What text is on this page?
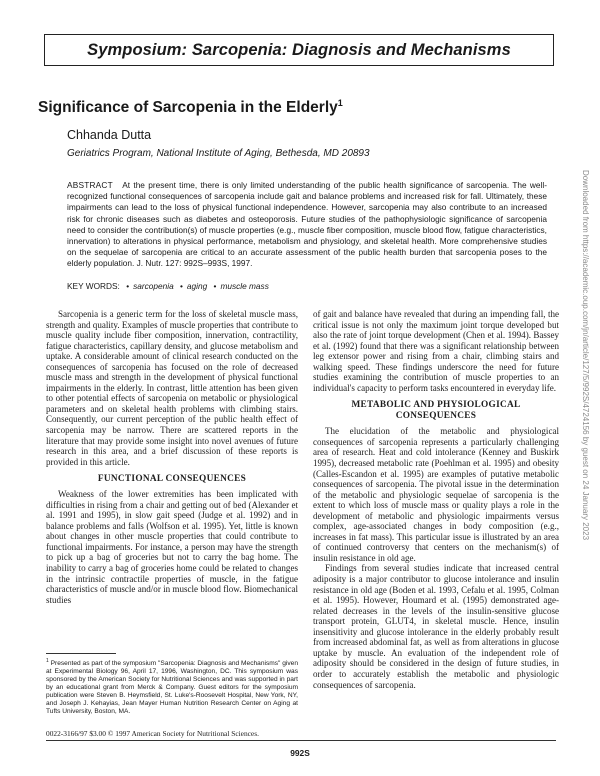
Symposium: Sarcopenia: Diagnosis and Mechanisms
Significance of Sarcopenia in the Elderly$^1$
Chhanda Dutta
Geriatrics Program, National Institute of Aging, Bethesda, MD 20893
ABSTRACT At the present time, there is only limited understanding of the public health significance of sarcopenia. The well-recognized functional consequences of sarcopenia include gait and balance problems and increased risk for fall. Ultimately, these impairments can lead to the loss of physical functional independence. However, sarcopenia may also contribute to an increased risk for chronic diseases such as diabetes and osteoporosis. Future studies of the pathophysiologic significance of sarcopenia need to consider the contribution(s) of muscle properties (e.g., muscle fiber composition, muscle blood flow, fatigue characteristics, innervation) to alterations in physical performance, metabolism and physiology, and skeletal health. More comprehensive studies on the sequelae of sarcopenia are critical to an accurate assessment of the public health burden that sarcopenia poses to the elderly population. J. Nutr. 127: 992S–993S, 1997.
KEY WORDS: • sarcopenia • aging • muscle mass

Sarcopenia is a generic term for the loss of skeletal muscle mass, strength and quality. Examples of muscle properties that contribute to muscle quality include fiber composition, innervation, contractility, fatigue characteristics, capillary density, and glucose metabolism and uptake. A considerable amount of clinical research conducted on the consequences of sarcopenia has focused on the role of decreased muscle mass and strength in the development of physical functional impairments in the elderly. In contrast, little attention has been given to other potential effects of sarcopenia on metabolic or physiological parameters and on skeletal health problems with climbing stairs. Consequently, our current perception of the public health effect of sarcopenia may be narrow. There are scattered reports in the literature that may provide some insight into novel avenues of future research in this area, and a brief discussion of these reports is provided in this article.

FUNCTIONAL CONSEQUENCES

Weakness of the lower extremities has been implicated with difficulties in rising from a chair and getting out of bed (Alexander et al. 1991 and 1995), in slow gait speed (Judge et al. 1992) and in balance problems and falls (Wolfson et al. 1995). Yet, little is known about changes in other muscle properties that could contribute to functional impairments. For instance, a person may have the strength to pick up a bag of groceries but not to carry the bag home. The inability to carry a bag of groceries home could be related to changes in the intrinsic contractile properties of muscle, in the fatigue characteristics of muscle and/or in muscle blood flow. Biomechanical studies

of gait and balance have revealed that during an impending fall, the critical issue is not only the maximum joint torque developed but also the rate of joint torque development (Chen et al. 1994). Bassey et al. (1992) found that there was a significant relationship between leg extensor power and rising from a chair, climbing stairs and walking speed. These findings underscore the need for future studies examining the contribution of muscle properties to an individual's capacity to perform tasks encountered in everyday life.

METABOLIC AND PHYSIOLOGICAL CONSEQUENCES

The elucidation of the metabolic and physiological consequences of sarcopenia represents a particularly challenging area of research. Heat and cold intolerance (Kenney and Buskirk 1995), decreased metabolic rate (Poehlman et al. 1995) and obesity (Calles-Escandon et al. 1995) are examples of putative metabolic consequences of sarcopenia. The pivotal issue in the determination of the metabolic and physiologic sequelae of sarcopenia is the extent to which loss of muscle mass or quality plays a role in the development of metabolic and physiologic impairments versus complex, age-associated changes in body composition (e.g., increases in fat mass). This particular issue is illustrated by an area of continued controversy that centers on the mechanism(s) of insulin resistance in old age.

Findings from several studies indicate that increased central adiposity is a major contributor to glucose intolerance and insulin resistance in old age (Boden et al. 1993, Cefalu et al. 1995, Colman et al. 1995). However, Houmard et al. (1995) demonstrated age-related decreases in the levels of the insulin-sensitive glucose transport protein, GLUT4, in skeletal muscle. Hence, insulin insensitivity and glucose intolerance in the elderly probably result from increased abdominal fat, as well as from alterations in glucose uptake by muscle. An evaluation of the independent role of adiposity should be considered in the design of future studies, in order to accurately establish the metabolic and physiologic consequences of sarcopenia.

$^1$ Presented as part of the symposium "Sarcopenia: Diagnosis and Mechanisms" given at Experimental Biology 96, April 17, 1996, Washington, DC. This symposium was sponsored by the American Society for Nutritional Sciences and was supported in part by an educational grant from Merck & Company. Guest editors for the symposium publication were Steven B. Heymsfield, St. Luke's-Roosevelt Hospital, New York, NY, and Joseph J. Kehayias, Jean Mayer Human Nutrition Research Center on Aging at Tufts University, Boston, MA.
0022-3166/97 $3.00 © 1997 American Society for Nutritional Sciences.
992S
Downloaded from https://academic.oup.com/jn/article/127/5/992S/4724156 by guest on 24 January 2023
